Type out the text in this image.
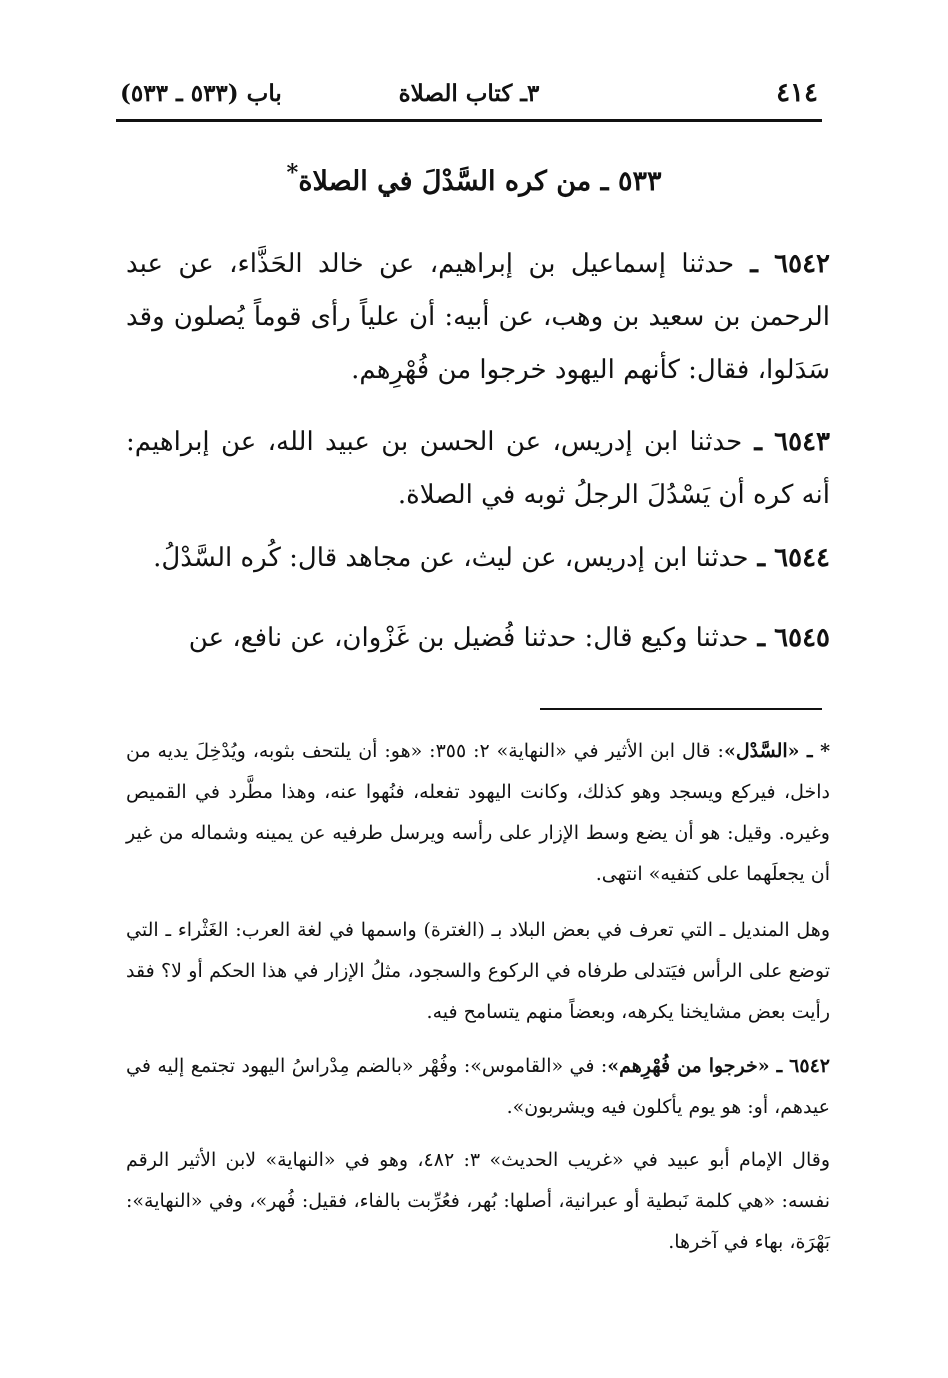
٤١٤
٣ـ كتاب الصلاة
باب (٥٣٣ ـ ٥٣٣)
٥٣٣ ـ من كره السَّدْلَ في الصلاة*

٦٥٤٢ ـ حدثنا إسماعيل بن إبراهيم، عن خالد الحَذَّاء، عن عبد الرحمن بن سعيد بن وهب، عن أبيه: أن علياً رأى قوماً يُصلون وقد سَدَلوا، فقال: كأنهم اليهود خرجوا من فُهْرِهم.

٦٥٤٣ ـ حدثنا ابن إدريس، عن الحسن بن عبيد الله، عن إبراهيم: أنه كره أن يَسْدُلَ الرجلُ ثوبه في الصلاة.

٦٥٤٤ ـ حدثنا ابن إدريس، عن ليث، عن مجاهد قال: كُره السَّدْلُ.

٦٥٤٥ ـ حدثنا وكيع قال: حدثنا فُضيل بن غَزْوان، عن نافع، عن

* ـ «السَّدْل»: قال ابن الأثير في «النهاية» ٢: ٣٥٥: «هو: أن يلتحف بثوبه، ويُدْخِلَ يديه من داخل، فيركع ويسجد وهو كذلك، وكانت اليهود تفعله، فنُهوا عنه، وهذا مطَّرد في القميص وغيره. وقيل: هو أن يضع وسط الإزار على رأسه ويرسل طرفيه عن يمينه وشماله من غير أن يجعلَهما على كتفيه» انتهى.

وهل المنديل ـ التي تعرف في بعض البلاد بـ (الغترة) واسمها في لغة العرب: الغَثْراء ـ التي توضع على الرأس فيَتدلى طرفاه في الركوع والسجود، مثلُ الإزار في هذا الحكم أو لا؟ فقد رأيت بعض مشايخنا يكرهه، وبعضاً منهم يتسامح فيه.

٦٥٤٢ ـ «خرجوا من فُهْرِهم»: في «القاموس»: وفُهْر «بالضم مِدْراسُ اليهود تجتمع إليه في عيدهم، أو: هو يوم يأكلون فيه ويشربون».

وقال الإمام أبو عبيد في «غريب الحديث» ٣: ٤٨٢، وهو في «النهاية» لابن الأثير الرقم نفسه: «هي كلمة نَبطية أو عبرانية، أصلها: بُهر، فعُرِّبت بالفاء، فقيل: فُهر»، وفي «النهاية»: بَهْرَة، بهاء في آخرها.
